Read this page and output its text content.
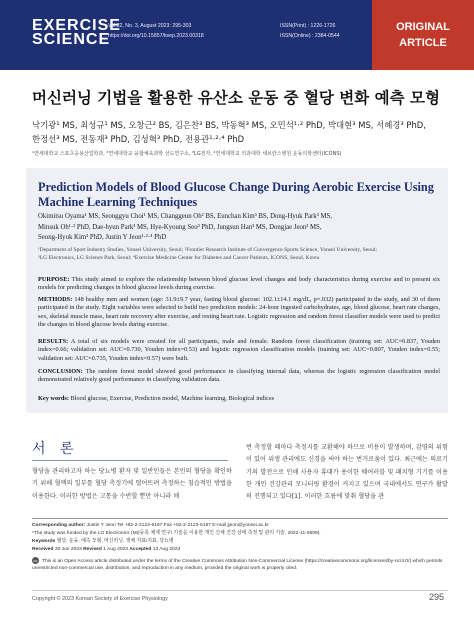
EXERCISE
SCIENCE
Vol.32, No. 3, August 2023: 295-303
https://doi.org/10.15857/ksep.2023.00318
ISSN(Print) : 1226-1726
ISSN(Online) : 2384-0544
ORIGINAL
ARTICLE
머신러닝 기법을 활용한 유산소 운동 중 혈당 변화 예측 모형
낙기광¹ MS, 최성규¹ MS, 오창근² BS, 김은찬³ BS, 박동혁³ MS, 오민석¹·² PhD, 박대현³ MS, 서혜경³ PhD,
한정선³ MS, 전동재³ PhD, 김성혁³ PhD, 전용관¹·²·⁴ PhD
¹연세대학교 스포츠응용산업학과, ²연세대학교 융합체육과학 선도연구소, ³LG전자, ⁴연세대학교 의과대학 세브란스병원 운동의학센터(ICONS)
Prediction Models of Blood Glucose Change During Aerobic Exercise Using Machine Learning Techniques
Okimitsu Oyama¹ MS, Seonggyu Choi¹ MS, Changgeun Oh² BS, Eunchan Kim³ BS, Dong-Hyuk Park³ MS,
Minsuk Oh¹·² PhD, Dae-hyun Park³ MS, Hye-Kyoung Seo³ PhD, Jungsun Han³ MS, Dongjae Jeon³ MS,
Seong-Hyuk Kim³ PhD, Justin Y Jeon¹·²·⁴ PhD
¹Department of Sport Industry Studies, Yonsei University, Seoul; ²Frontier Research Institute of Convergence Sports Science, Yonsei University, Seoul;
³LG Electronics, LG Science Park, Seoul; ⁴Exercise Medicine Center for Diabetes and Cancer Patients, ICONS, Seoul, Korea
PURPOSE: This study aimed to explore the relationship between blood glucose level changes and body characteristics during exercise and to present six models for predicting changes in blood glucose levels during exercise.
METHODS: 148 healthy men and women (age: 31.9±9.7 year, fasting blood glucose: 102.1±14.1 mg/dL, p=.032) participated in the study, and 30 of them participated in the study. Eight variables were selected to build two prediction models: 24-hour ingested carbohydrates, age, blood glucose, heart rate changes, sex, skeletal muscle mass, heart rate recovery after exercise, and resting heart rate. Logistic regression and random forest classifier models were used to predict the changes in blood glucose levels during exercise.
RESULTS: A total of six models were created for all participants, male and female. Random forest classification (training set: AUC=0.837, Youden index=0.66; validation set: AUC=0.730, Youden index=0.53) and logistic regression classification models (training set: AUC=0.807, Youden index=0.55; validation set: AUC=0.735, Youden index=0.57) were built.
CONCLUSION: The random forest model showed good performance in classifying internal data, whereas the logistic regression classification model demonstrated relatively good performance in classifying validation data.
Key words: Blood glucose, Exercise, Prediction model, Machine learning, Biological indices
서 론
혈당을 관리하고자 하는 당뇨병 환자 및 일반인들은 본인의 혈당을 확인하기 위해 혈액의 일부를 혈당 측정기에 떨어뜨려 측정하는 침습적인 방법을 이용한다. 이러한 방법은 고통을 수반할 뿐만 아니라 매
번 측정할 때마다 측정지를 교환해야 하므로 비용이 발생하며, 감염의 위험이 있어 위생 관리에도 신경을 써야 하는 번거로움이 있다. 최근에는 의료기기의 발전으로 인해 사용자 휴대가 용이한 웨어러블 및 패치형 기기를 이용한 개인 건강관리 모니터링 환경이 커지고 있으며 국내에서도 연구가 활발히 진행되고 있다[1]. 이러한 흐름에 맞춰 혈당을 관
Corresponding author: Justin Y Jeon Tel +82-2-2123-6197 Fax +82-2-2123-6197 E-mail jjeon@yonsei.ac.kr
*The study was funded by the LG Electronics (MI)등록 체계 연구/ 기술을 이용한 개인 신체 건강 상태 측정 및 관리 기술, 2022-11-0509).
Keywords 혈당, 운동, 예측 모형, 머신러닝, 생체 지표/지표, 당뇨병
Received 30 Jun 2023 Revised 1 Aug 2023 Accepted 13 Aug 2023
cc This is an Open Access article distributed under the terms of the Creative Commons Attribution Non-Commercial License (https://creativecommons.org/licenses/by-nc/4.0/) which permits unrestricted non-commercial use, distribution, and reproduction in any medium, provided the original work is properly cited.
Copyright © 2023 Korean Society of Exercise Physiology	295
